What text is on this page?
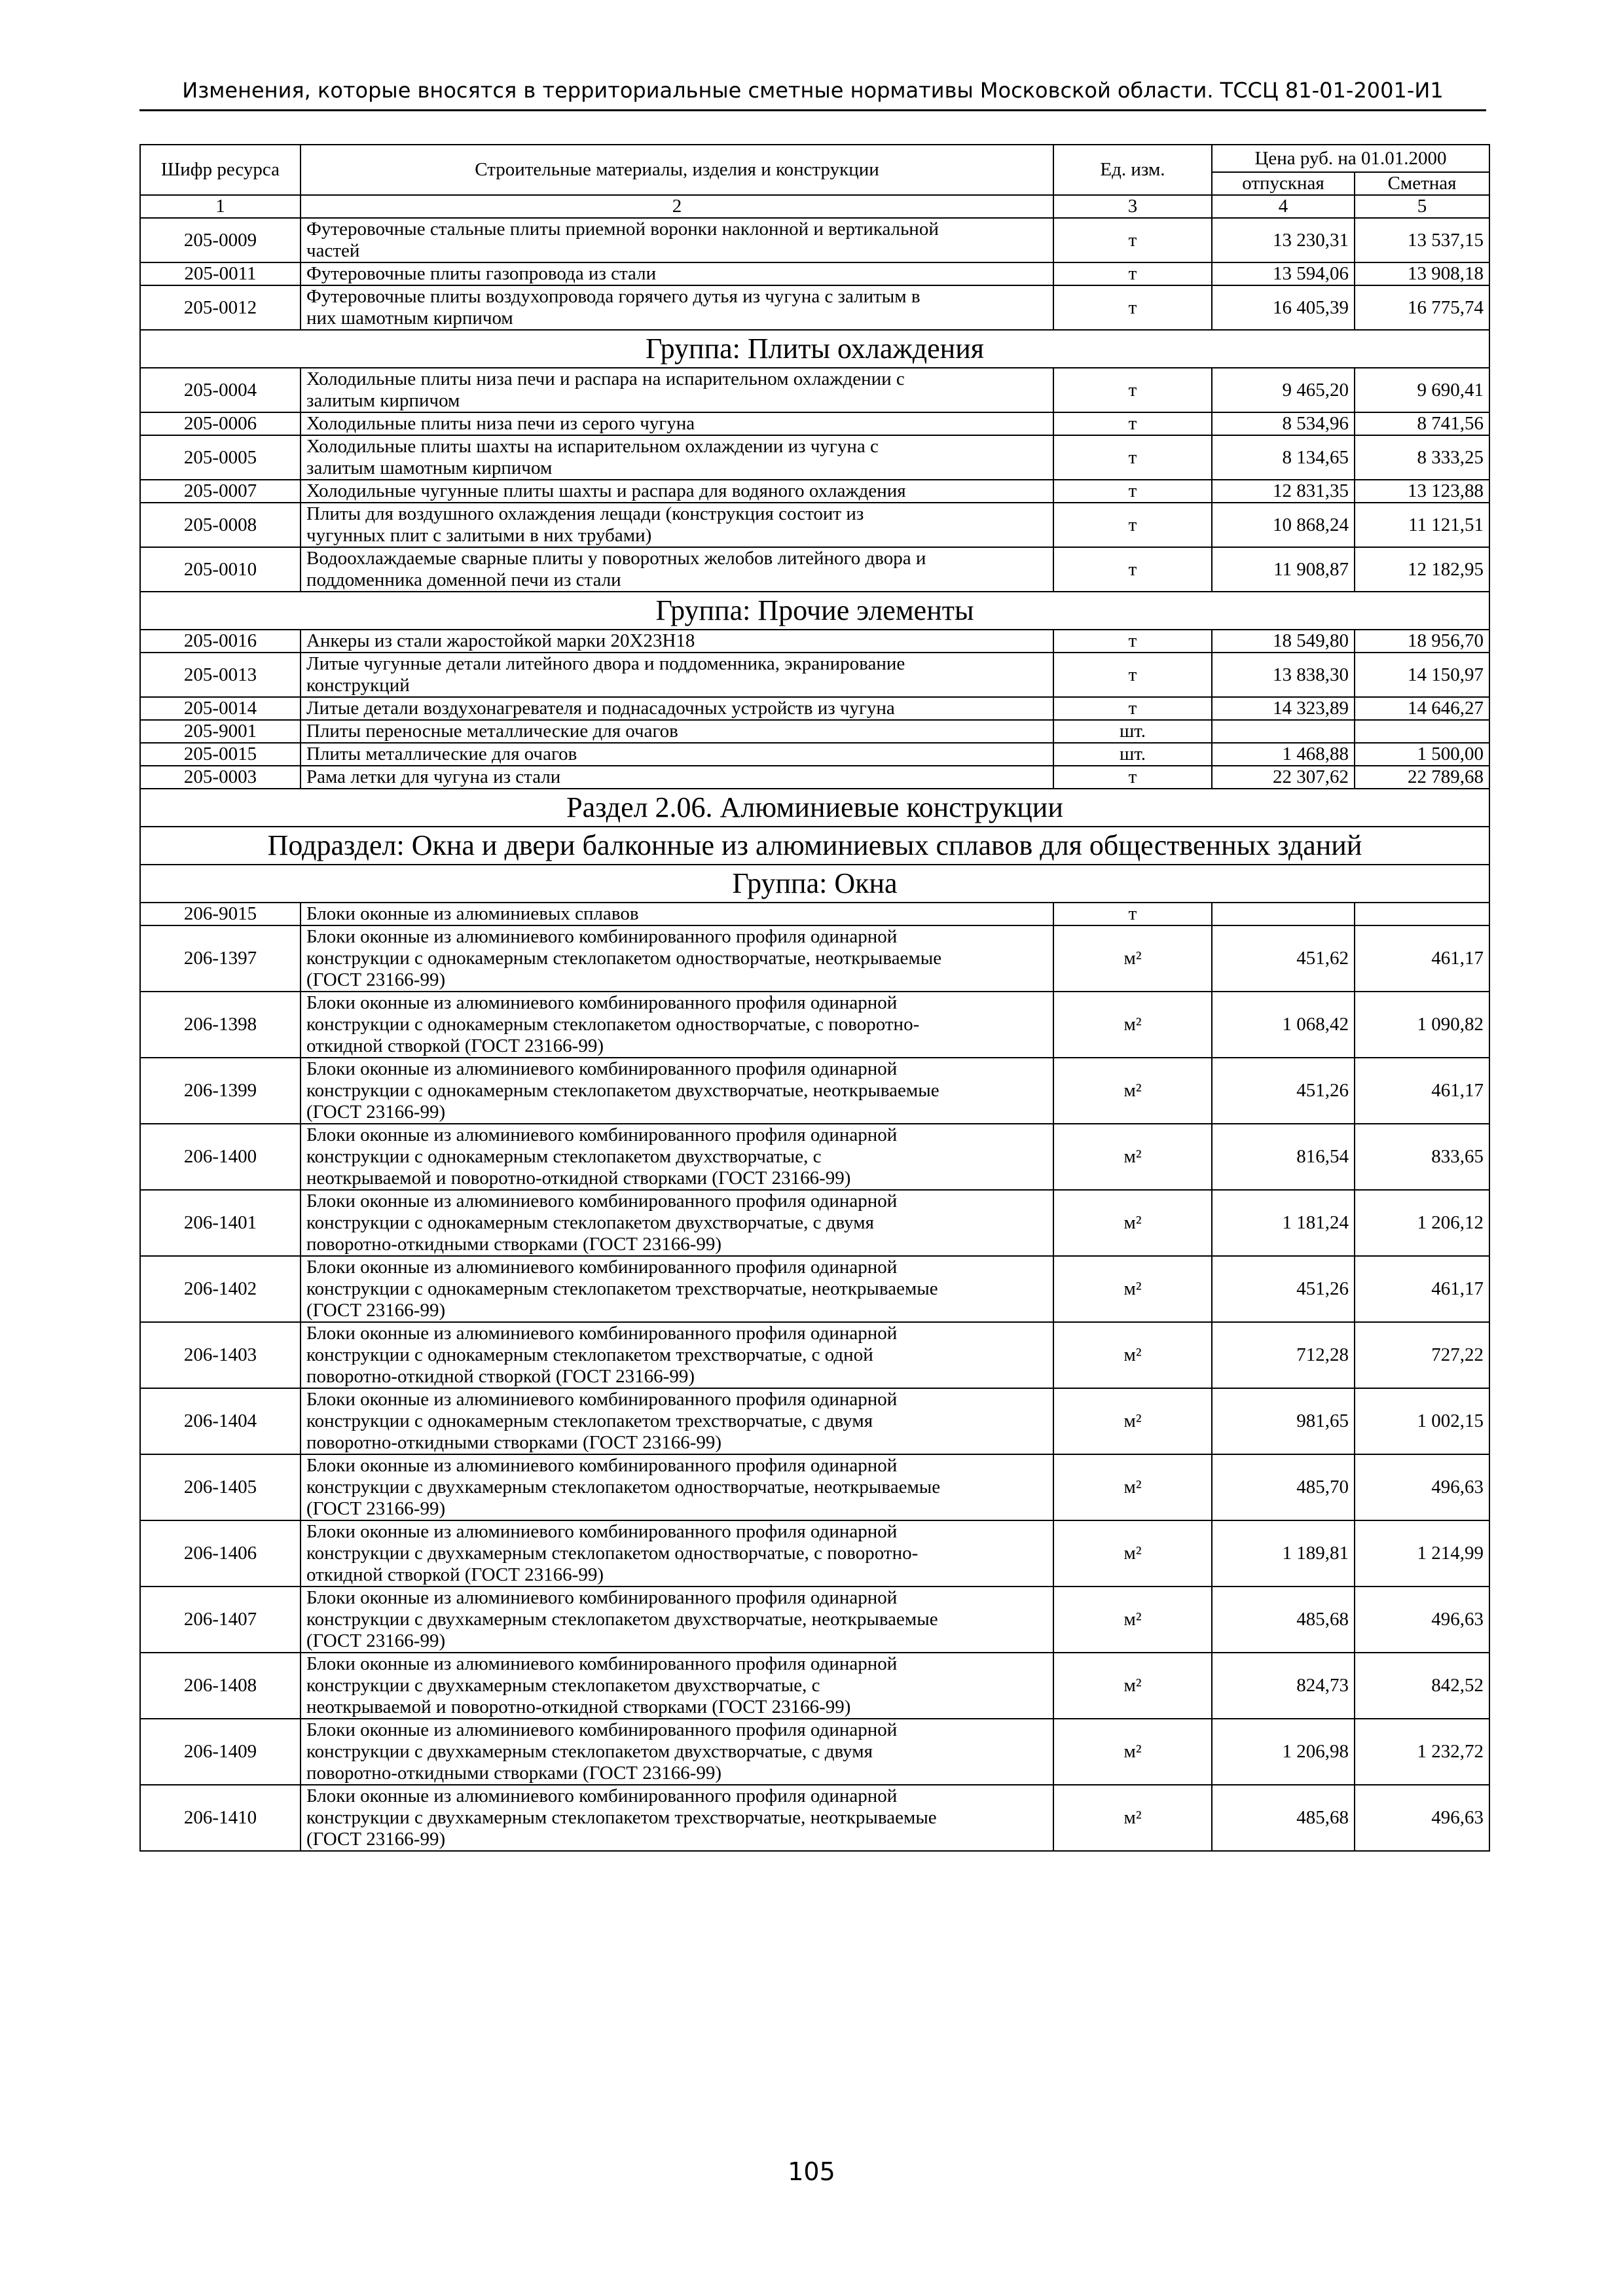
Изменения, которые вносятся в территориальные сметные нормативы Московской области. ТССЦ 81-01-2001-И1
Шифр ресурса	Строительные материалы, изделия и конструкции	Ед. изм.	Цена руб. на 01.01.2000	
			отпускная	Сметная
1	2	3	4	5
205-0009	Футеровочные стальные плиты приемной воронки наклонной и вертикальной
частей	т	13 230,31	13 537,15
205-0011	Футеровочные плиты газопровода из стали	т	13 594,06	13 908,18
205-0012	Футеровочные плиты воздухопровода горячего дутья из чугуна с залитым в
них шамотным кирпичом	т	16 405,39	16 775,74
Группа: Плиты охлаждения				
205-0004	Холодильные плиты низа печи и распара на испарительном охлаждении с
залитым кирпичом	т	9 465,20	9 690,41
205-0006	Холодильные плиты низа печи из серого чугуна	т	8 534,96	8 741,56
205-0005	Холодильные плиты шахты на испарительном охлаждении из чугуна с
залитым шамотным кирпичом	т	8 134,65	8 333,25
205-0007	Холодильные чугунные плиты шахты и распара для водяного охлаждения	т	12 831,35	13 123,88
205-0008	Плиты для воздушного охлаждения лещади (конструкция состоит из
чугунных плит с залитыми в них трубами)	т	10 868,24	11 121,51
205-0010	Водоохлаждаемые сварные плиты у поворотных желобов литейного двора и
поддоменника доменной печи из стали	т	11 908,87	12 182,95
Группа: Прочие элементы				
205-0016	Анкеры из стали жаростойкой марки 20Х23Н18	т	18 549,80	18 956,70
205-0013	Литые чугунные детали литейного двора и поддоменника, экранирование
конструкций	т	13 838,30	14 150,97
205-0014	Литые детали воздухонагревателя и поднасадочных устройств из чугуна	т	14 323,89	14 646,27
205-9001	Плиты переносные металлические для очагов	шт.		
205-0015	Плиты металлические для очагов	шт.	1 468,88	1 500,00
205-0003	Рама летки для чугуна из стали	т	22 307,62	22 789,68
Раздел 2.06. Алюминиевые конструкции				
Подраздел: Окна и двери балконные из алюминиевых сплавов для общественных зданий				
Группа: Окна				
206-9015	Блоки оконные из алюминиевых сплавов	т		
206-1397	Блоки оконные из алюминиевого комбинированного профиля одинарной
конструкции с однокамерным стеклопакетом одностворчатые, неоткрываемые
(ГОСТ 23166-99)	м²	451,62	461,17
206-1398	Блоки оконные из алюминиевого комбинированного профиля одинарной
конструкции с однокамерным стеклопакетом одностворчатые, с поворотно-
откидной створкой (ГОСТ 23166-99)	м²	1 068,42	1 090,82
206-1399	Блоки оконные из алюминиевого комбинированного профиля одинарной
конструкции с однокамерным стеклопакетом двухстворчатые, неоткрываемые
(ГОСТ 23166-99)	м²	451,26	461,17
206-1400	Блоки оконные из алюминиевого комбинированного профиля одинарной
конструкции с однокамерным стеклопакетом двухстворчатые, с
неоткрываемой и поворотно-откидной створками (ГОСТ 23166-99)	м²	816,54	833,65
206-1401	Блоки оконные из алюминиевого комбинированного профиля одинарной
конструкции с однокамерным стеклопакетом двухстворчатые, с двумя
поворотно-откидными створками (ГОСТ 23166-99)	м²	1 181,24	1 206,12
206-1402	Блоки оконные из алюминиевого комбинированного профиля одинарной
конструкции с однокамерным стеклопакетом трехстворчатые, неоткрываемые
(ГОСТ 23166-99)	м²	451,26	461,17
206-1403	Блоки оконные из алюминиевого комбинированного профиля одинарной
конструкции с однокамерным стеклопакетом трехстворчатые, с одной
поворотно-откидной створкой (ГОСТ 23166-99)	м²	712,28	727,22
206-1404	Блоки оконные из алюминиевого комбинированного профиля одинарной
конструкции с однокамерным стеклопакетом трехстворчатые, с двумя
поворотно-откидными створками (ГОСТ 23166-99)	м²	981,65	1 002,15
206-1405	Блоки оконные из алюминиевого комбинированного профиля одинарной
конструкции с двухкамерным стеклопакетом одностворчатые, неоткрываемые
(ГОСТ 23166-99)	м²	485,70	496,63
206-1406	Блоки оконные из алюминиевого комбинированного профиля одинарной
конструкции с двухкамерным стеклопакетом одностворчатые, с поворотно-
откидной створкой (ГОСТ 23166-99)	м²	1 189,81	1 214,99
206-1407	Блоки оконные из алюминиевого комбинированного профиля одинарной
конструкции с двухкамерным стеклопакетом двухстворчатые, неоткрываемые
(ГОСТ 23166-99)	м²	485,68	496,63
206-1408	Блоки оконные из алюминиевого комбинированного профиля одинарной
конструкции с двухкамерным стеклопакетом двухстворчатые, с
неоткрываемой и поворотно-откидной створками (ГОСТ 23166-99)	м²	824,73	842,52
206-1409	Блоки оконные из алюминиевого комбинированного профиля одинарной
конструкции с двухкамерным стеклопакетом двухстворчатые, с двумя
поворотно-откидными створками (ГОСТ 23166-99)	м²	1 206,98	1 232,72
206-1410	Блоки оконные из алюминиевого комбинированного профиля одинарной
конструкции с двухкамерным стеклопакетом трехстворчатые, неоткрываемые
(ГОСТ 23166-99)	м²	485,68	496,63
105
